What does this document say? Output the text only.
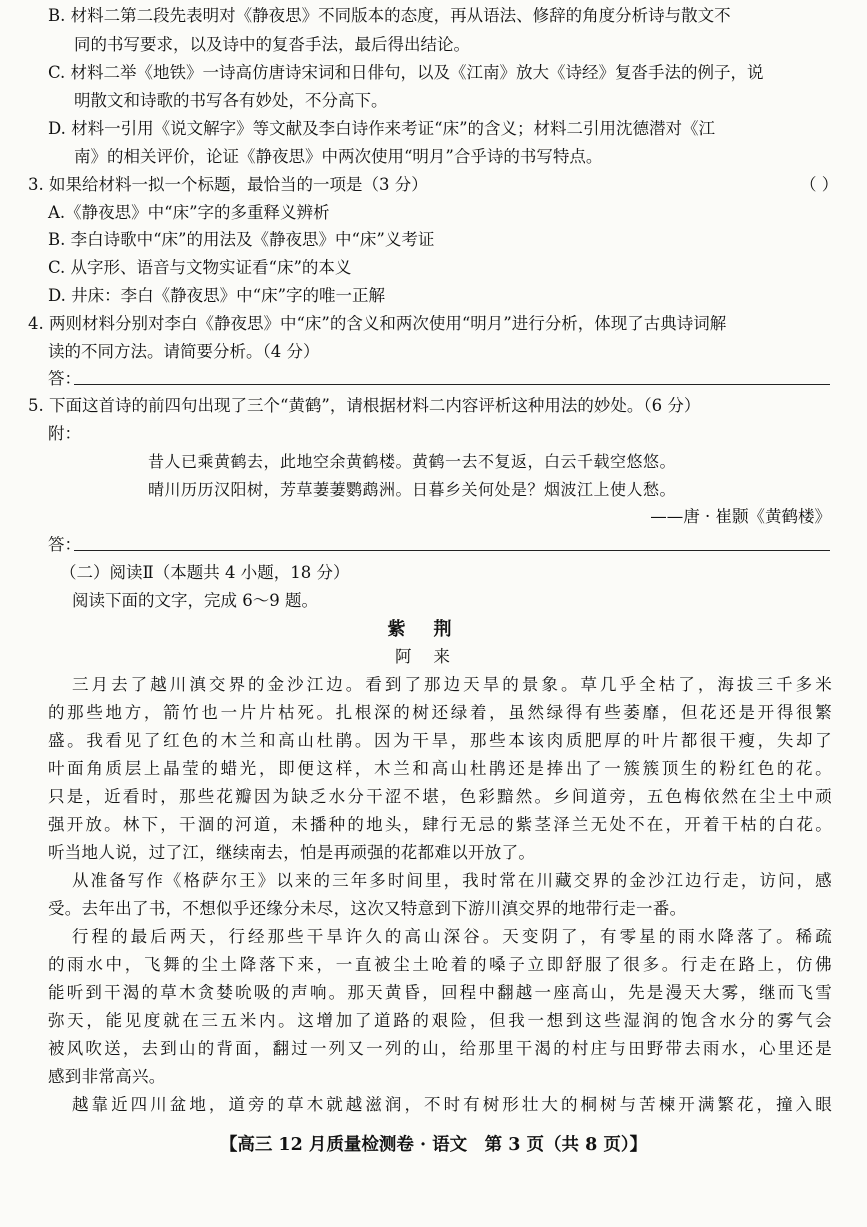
B. 材料二第二段先表明对《静夜思》不同版本的态度，再从语法、修辞的角度分析诗与散文不
同的书写要求，以及诗中的复沓手法，最后得出结论。
C. 材料二举《地铁》一诗高仿唐诗宋词和日俳句，以及《江南》放大《诗经》复沓手法的例子，说
明散文和诗歌的书写各有妙处，不分高下。
D. 材料一引用《说文解字》等文献及李白诗作来考证“床”的含义；材料二引用沈德潜对《江
南》的相关评价，论证《静夜思》中两次使用“明月”合乎诗的书写特点。
3. 如果给材料一拟一个标题，最恰当的一项是（3 分）	（ ）
A.《静夜思》中“床”字的多重释义辨析
B. 李白诗歌中“床”的用法及《静夜思》中“床”义考证
C. 从字形、语音与文物实证看“床”的本义
D. 井床：李白《静夜思》中“床”字的唯一正解
4. 两则材料分别对李白《静夜思》中“床”的含义和两次使用“明月”进行分析，体现了古典诗词解
读的不同方法。请简要分析。（4 分）
答：
5. 下面这首诗的前四句出现了三个“黄鹤”，请根据材料二内容评析这种用法的妙处。（6 分）
附：
昔人已乘黄鹤去，此地空余黄鹤楼。黄鹤一去不复返，白云千载空悠悠。
晴川历历汉阳树，芳草萋萋鹦鹉洲。日暮乡关何处是？烟波江上使人愁。
——唐 · 崔颢《黄鹤楼》
答：
（二）阅读Ⅱ（本题共 4 小题，18 分）
阅读下面的文字，完成 6～9 题。
紫荆
阿来
三月去了越川滇交界的金沙江边。看到了那边天旱的景象。草几乎全枯了，海拔三千多米
的那些地方，箭竹也一片片枯死。扎根深的树还绿着，虽然绿得有些萎靡，但花还是开得很繁
盛。我看见了红色的木兰和高山杜鹃。因为干旱，那些本该肉质肥厚的叶片都很干瘦，失却了
叶面角质层上晶莹的蜡光，即便这样，木兰和高山杜鹃还是捧出了一簇簇顶生的粉红色的花。
只是，近看时，那些花瓣因为缺乏水分干涩不堪，色彩黯然。乡间道旁，五色梅依然在尘土中顽
强开放。林下，干涸的河道，未播种的地头，肆行无忌的紫茎泽兰无处不在，开着干枯的白花。
听当地人说，过了江，继续南去，怕是再顽强的花都难以开放了。
从准备写作《格萨尔王》以来的三年多时间里，我时常在川藏交界的金沙江边行走，访问，感
受。去年出了书，不想似乎还缘分未尽，这次又特意到下游川滇交界的地带行走一番。
行程的最后两天，行经那些干旱许久的高山深谷。天变阴了，有零星的雨水降落了。稀疏
的雨水中，飞舞的尘土降落下来，一直被尘土呛着的嗓子立即舒服了很多。行走在路上，仿佛
能听到干渴的草木贪婪吮吸的声响。那天黄昏，回程中翻越一座高山，先是漫天大雾，继而飞雪
弥天，能见度就在三五米内。这增加了道路的艰险，但我一想到这些湿润的饱含水分的雾气会
被风吹送，去到山的背面，翻过一列又一列的山，给那里干渴的村庄与田野带去雨水，心里还是
感到非常高兴。
越靠近四川盆地，道旁的草木就越滋润，不时有树形壮大的桐树与苦楝开满繁花，撞入眼
【高三 12 月质量检测卷 · 语文　第 3 页（共 8 页）】
